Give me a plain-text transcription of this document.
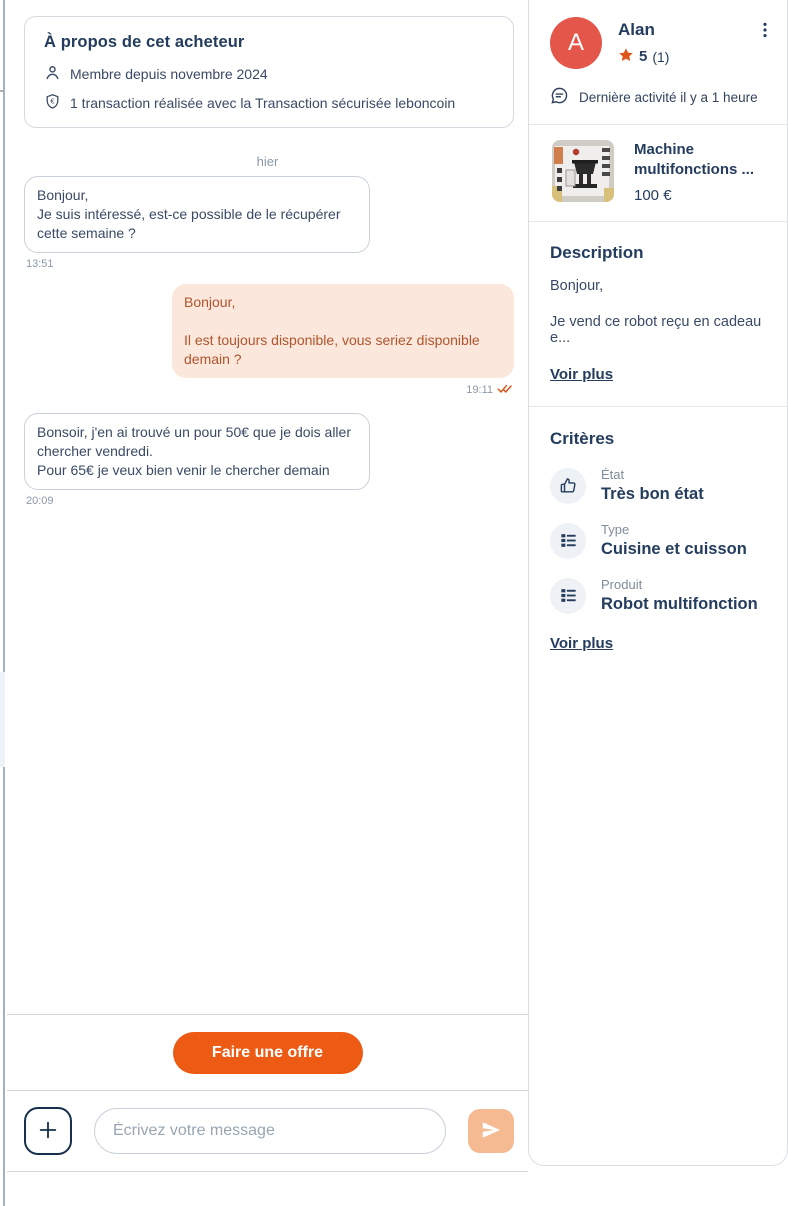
À propos de cet acheteur
Membre depuis novembre 2024
€ 1 transaction réalisée avec la Transaction sécurisée leboncoin
hier
Bonjour,
Je suis intéressé, est-ce possible de le récupérer cette semaine ?
13:51
Bonjour,
Il est toujours disponible, vous seriez disponible demain ?
19:11
Bonsoir, j'en ai trouvé un pour 50€ que je dois aller chercher vendredi.
Pour 65€ je veux bien venir le chercher demain
20:09
Faire une offre
Écrivez votre message
A	Alan
5 (1)
Dernière activité il y a 1 heure
Machine multifonctions ...
100 €
Description
Bonjour,
Je vend ce robot reçu en cadeau e...
Voir plus
Critères
État
Très bon état
Type
Cuisine et cuisson
Produit
Robot multifonction
Voir plus
